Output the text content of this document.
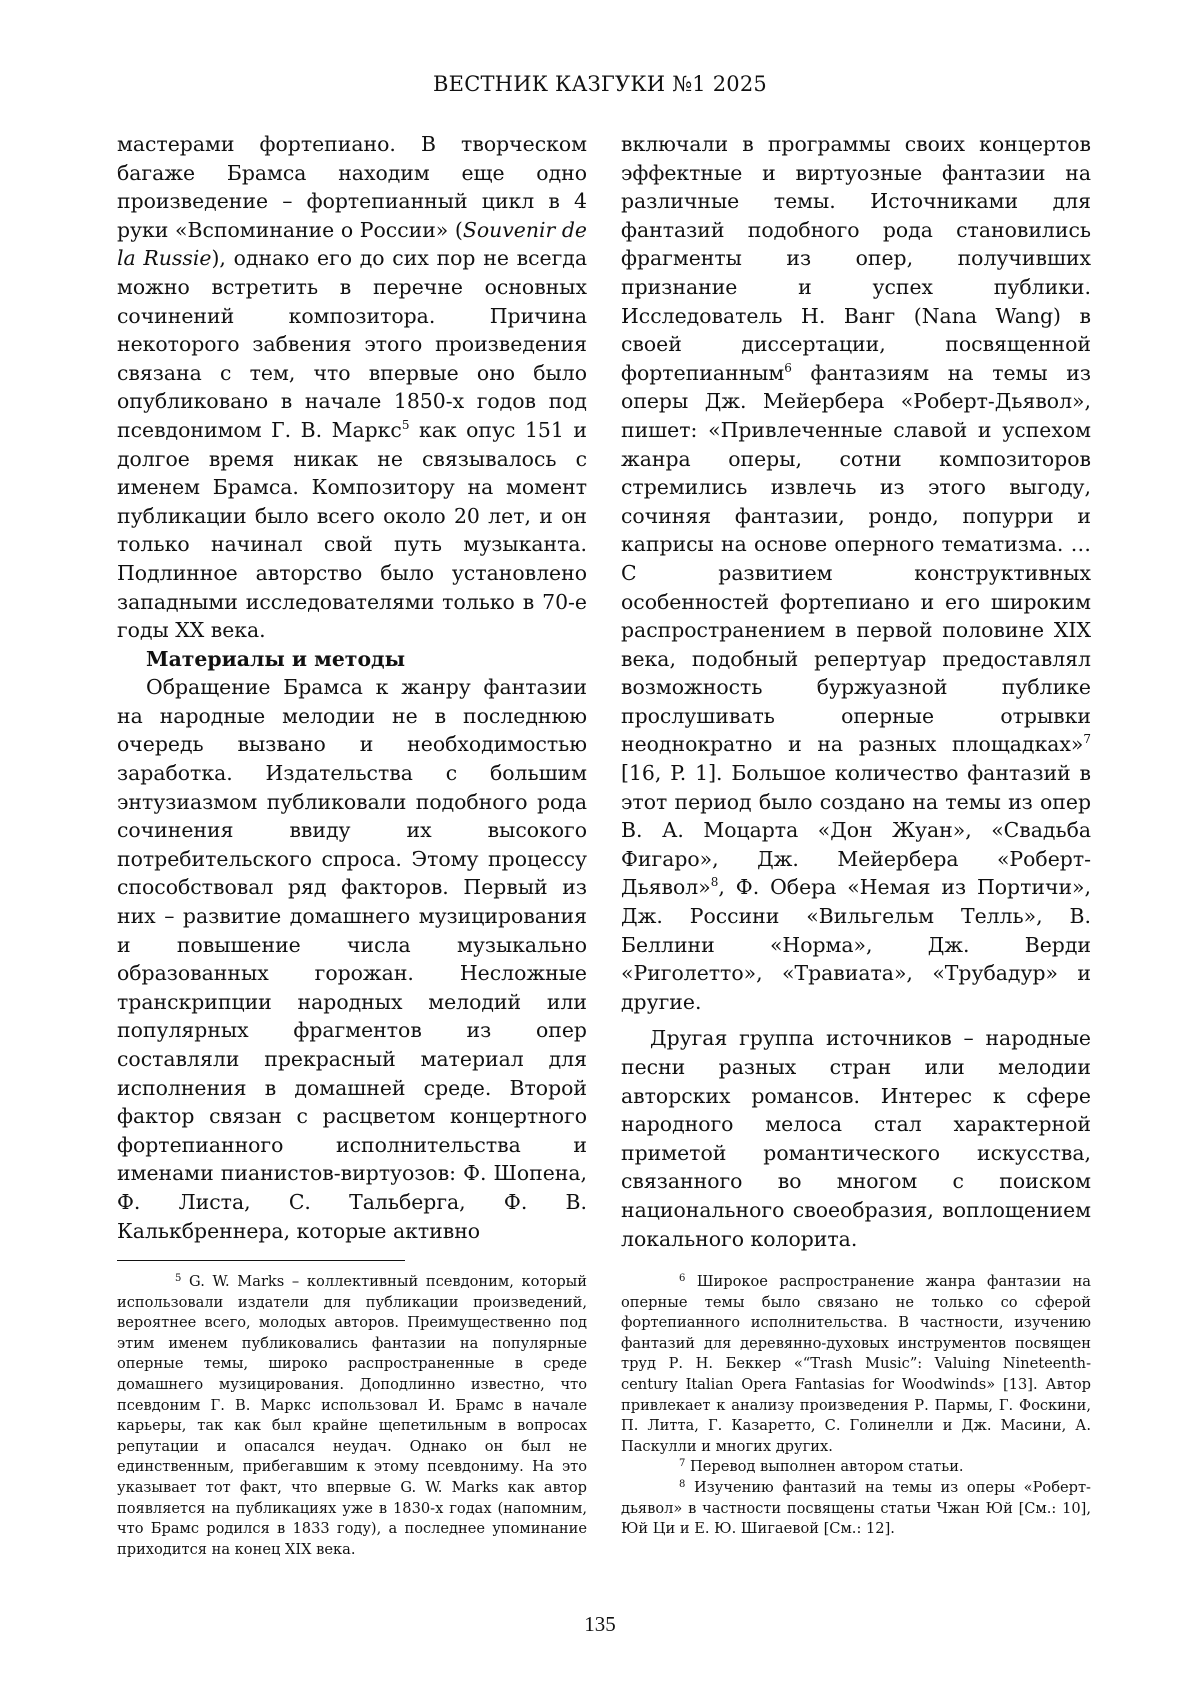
ВЕСТНИК КАЗГУКИ №1 2025

мастерами фортепиано. В творческом багаже Брамса находим еще одно произведение – фортепианный цикл в 4 руки «Вспоминание о России» (Souvenir de la Russie), однако его до сих пор не всегда можно встретить в перечне основных сочинений композитора. Причина некоторого забвения этого произведения связана с тем, что впервые оно было опубликовано в начале 1850-х годов под псевдонимом Г. В. Маркс$^5$ как опус 151 и долгое время никак не связывалось с именем Брамса. Композитору на момент публикации было всего около 20 лет, и он только начинал свой путь музыканта. Подлинное авторство было установлено западными исследователями только в 70-е годы XX века.

Материалы и методы

Обращение Брамса к жанру фантазии на народные мелодии не в последнюю очередь вызвано и необходимостью заработка. Издательства с большим энтузиазмом публиковали подобного рода сочинения ввиду их высокого потребительского спроса. Этому процессу способствовал ряд факторов. Первый из них – развитие домашнего музицирования и повышение числа музыкально образованных горожан. Несложные транскрипции народных мелодий или популярных фрагментов из опер составляли прекрасный материал для исполнения в домашней среде. Второй фактор связан с расцветом концертного фортепианного исполнительства и именами пианистов-виртуозов: Ф. Шопена, Ф. Листа, С. Тальберга, Ф. В. Калькбреннера, которые активно

включали в программы своих концертов эффектные и виртуозные фантазии на различные темы. Источниками для фантазий подобного рода становились фрагменты из опер, получивших признание и успех публики. Исследователь Н. Ванг (Nana Wang) в своей диссертации, посвященной фортепианным$^6$ фантазиям на темы из оперы Дж. Мейербера «Роберт-Дьявол», пишет: «Привлеченные славой и успехом жанра оперы, сотни композиторов стремились извлечь из этого выгоду, сочиняя фантазии, рондо, попурри и каприсы на основе оперного тематизма. … С развитием конструктивных особенностей фортепиано и его широким распространением в первой половине XIX века, подобный репертуар предоставлял возможность буржуазной публике прослушивать оперные отрывки неоднократно и на разных площадках»$^7$ [16, P. 1]. Большое количество фантазий в этот период было создано на темы из опер В. А. Моцарта «Дон Жуан», «Свадьба Фигаро», Дж. Мейербера «Роберт-Дьявол»$^8$, Ф. Обера «Немая из Портичи», Дж. Россини «Вильгельм Телль», В. Беллини «Норма», Дж. Верди «Риголетто», «Травиата», «Трубадур» и другие.

Другая группа источников – народные песни разных стран или мелодии авторских романсов. Интерес к сфере народного мелоса стал характерной приметой романтического искусства, связанного во многом с поиском национального своеобразия, воплощением локального колорита.

$^5$ G. W. Marks – коллективный псевдоним, который использовали издатели для публикации произведений, вероятнее всего, молодых авторов. Преимущественно под этим именем публиковались фантазии на популярные оперные темы, широко распространенные в среде домашнего музицирования. Доподлинно известно, что псевдоним Г. В. Маркс использовал И. Брамс в начале карьеры, так как был крайне щепетильным в вопросах репутации и опасался неудач. Однако он был не единственным, прибегавшим к этому псевдониму. На это указывает тот факт, что впервые G. W. Marks как автор появляется на публикациях уже в 1830-х годах (напомним, что Брамс родился в 1833 году), а последнее упоминание приходится на конец XIX века.

$^6$ Широкое распространение жанра фантазии на оперные темы было связано не только со сферой фортепианного исполнительства. В частности, изучению фантазий для деревянно-духовых инструментов посвящен труд Р. Н. Беккер «“Trash Music”: Valuing Nineteenth-century Italian Opera Fantasias for Woodwinds» [13]. Автор привлекает к анализу произведения Р. Пармы, Г. Фоскини, П. Литта, Г. Казаретто, С. Голинелли и Дж. Масини, А. Паскулли и многих других.

$^7$ Перевод выполнен автором статьи.

$^8$ Изучению фантазий на темы из оперы «Роберт-дьявол» в частности посвящены статьи Чжан Юй [См.: 10], Юй Ци и Е. Ю. Шигаевой [См.: 12].

135
